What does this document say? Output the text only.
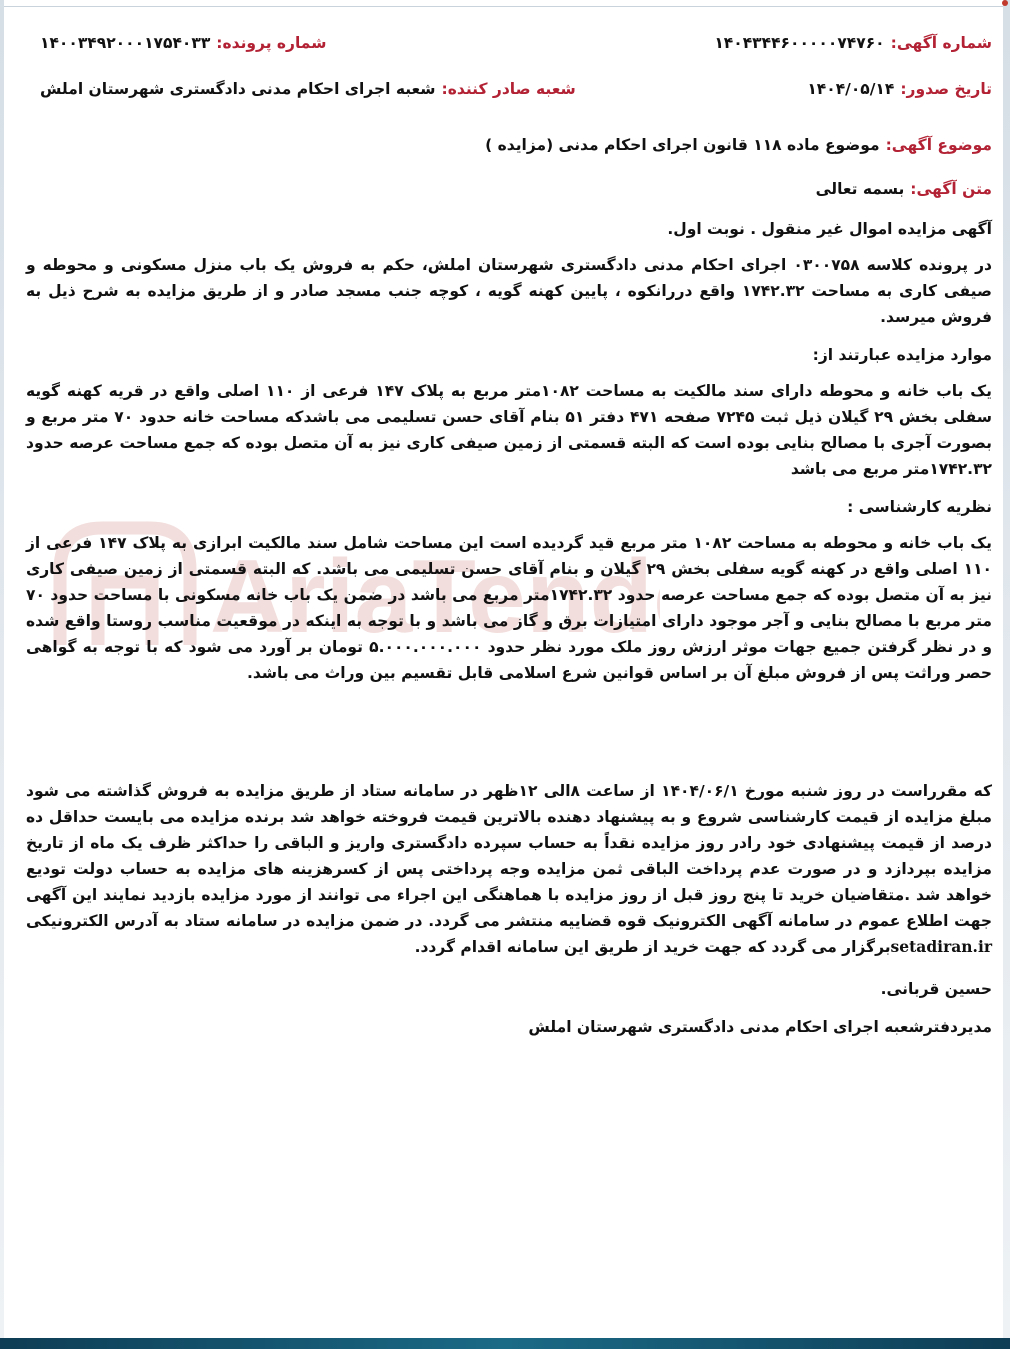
AriaTend
شماره آگهی:
۱۴۰۴۳۴۴۶۰۰۰۰۰۷۴۷۶۰
شماره پرونده:
۱۴۰۰۳۴۹۲۰۰۰۱۷۵۴۰۳۳
تاریخ صدور:
۱۴۰۴/۰۵/۱۴
شعبه صادر کننده:
شعبه اجرای احکام مدنی دادگستری شهرستان املش
موضوع آگهی:
موضوع ماده ۱۱۸ قانون اجرای احکام مدنی (مزایده )
متن آگهی:
بسمه تعالی
آگهی مزایده اموال غیر منقول . نوبت اول.

در پرونده کلاسه ۰۳۰۰۷۵۸ اجرای احکام مدنی دادگستری شهرستان املش، حکم به فروش یک باب منزل مسکونی و محوطه و صیفی کاری به مساحت ۱۷۴۲.۳۲ واقع دررانکوه ، پایین کهنه گویه ، کوچه جنب مسجد صادر و از طریق مزایده به شرح ذیل به فروش میرسد.

موارد مزایده عبارتند از:

یک باب خانه و محوطه دارای سند مالکیت به مساحت ۱۰۸۲متر مربع به پلاک ۱۴۷ فرعی از ۱۱۰ اصلی واقع در قریه کهنه گویه سفلی بخش ۲۹ گیلان ذیل ثبت ۷۲۴۵ صفحه ۴۷۱ دفتر ۵۱ بنام آقای حسن تسلیمی می باشدکه مساحت خانه حدود ۷۰ متر مربع و بصورت آجری با مصالح بنایی بوده است که البته قسمتی از زمین صیفی کاری نیز به آن متصل بوده که جمع مساحت عرصه حدود ۱۷۴۲.۳۲متر مربع می باشد

نظریه کارشناسی :

یک باب خانه و محوطه به مساحت ۱۰۸۲ متر مربع قید گردیده است این مساحت شامل سند مالکیت ابرازی به پلاک ۱۴۷ فرعی از ۱۱۰ اصلی واقع در کهنه گویه سفلی بخش ۲۹ گیلان و بنام آقای حسن تسلیمی می باشد. که البته قسمتی از زمین صیفی کاری نیز به آن متصل بوده که جمع مساحت عرصه حدود ۱۷۴۲.۳۲متر مربع می باشد در ضمن یک باب خانه مسکونی با مساحت حدود ۷۰ متر مربع با مصالح بنایی و آجر موجود دارای امتیازات برق و گاز می باشد و با توجه به اینکه در موقعیت مناسب روستا واقع شده و در نظر گرفتن جمیع جهات موثر ارزش روز ملک مورد نظر حدود ۵.۰۰۰.۰۰۰.۰۰۰ تومان بر آورد می شود که با توجه به گواهی حصر وراثت پس از فروش مبلغ آن بر اساس قوانین شرع اسلامی قابل تقسیم بین وراث می باشد.

که مقرراست در روز شنبه مورخ ۱۴۰۴/۰۶/۱ از ساعت ۸الی ۱۲ظهر در سامانه ستاد از طریق مزایده به فروش گذاشته می شود مبلغ مزایده از قیمت کارشناسی شروع و به پیشنهاد دهنده بالاترین قیمت فروخته خواهد شد برنده مزایده می بایست حداقل ده درصد از قیمت پیشنهادی خود رادر روز مزایده نقداً به حساب سپرده دادگستری واریز و الباقی را حداکثر ظرف یک ماه از تاریخ مزایده بپردازد و در صورت عدم پرداخت الباقی ثمن مزایده وجه پرداختی پس از کسرهزینه های مزایده به حساب دولت تودیع خواهد شد .متقاضیان خرید تا پنج روز قبل از روز مزایده با هماهنگی این اجراء می توانند از مورد مزایده بازدید نمایند این آگهی جهت اطلاع عموم در سامانه آگهی الکترونیک قوه قضاییه منتشر می گردد. در ضمن مزایده در سامانه ستاد به آدرس الکترونیکی setadiran.irبرگزار می گردد که جهت خرید از طریق این سامانه اقدام گردد.

حسین قربانی.
مدیردفترشعبه اجرای احکام مدنی دادگستری شهرستان املش
